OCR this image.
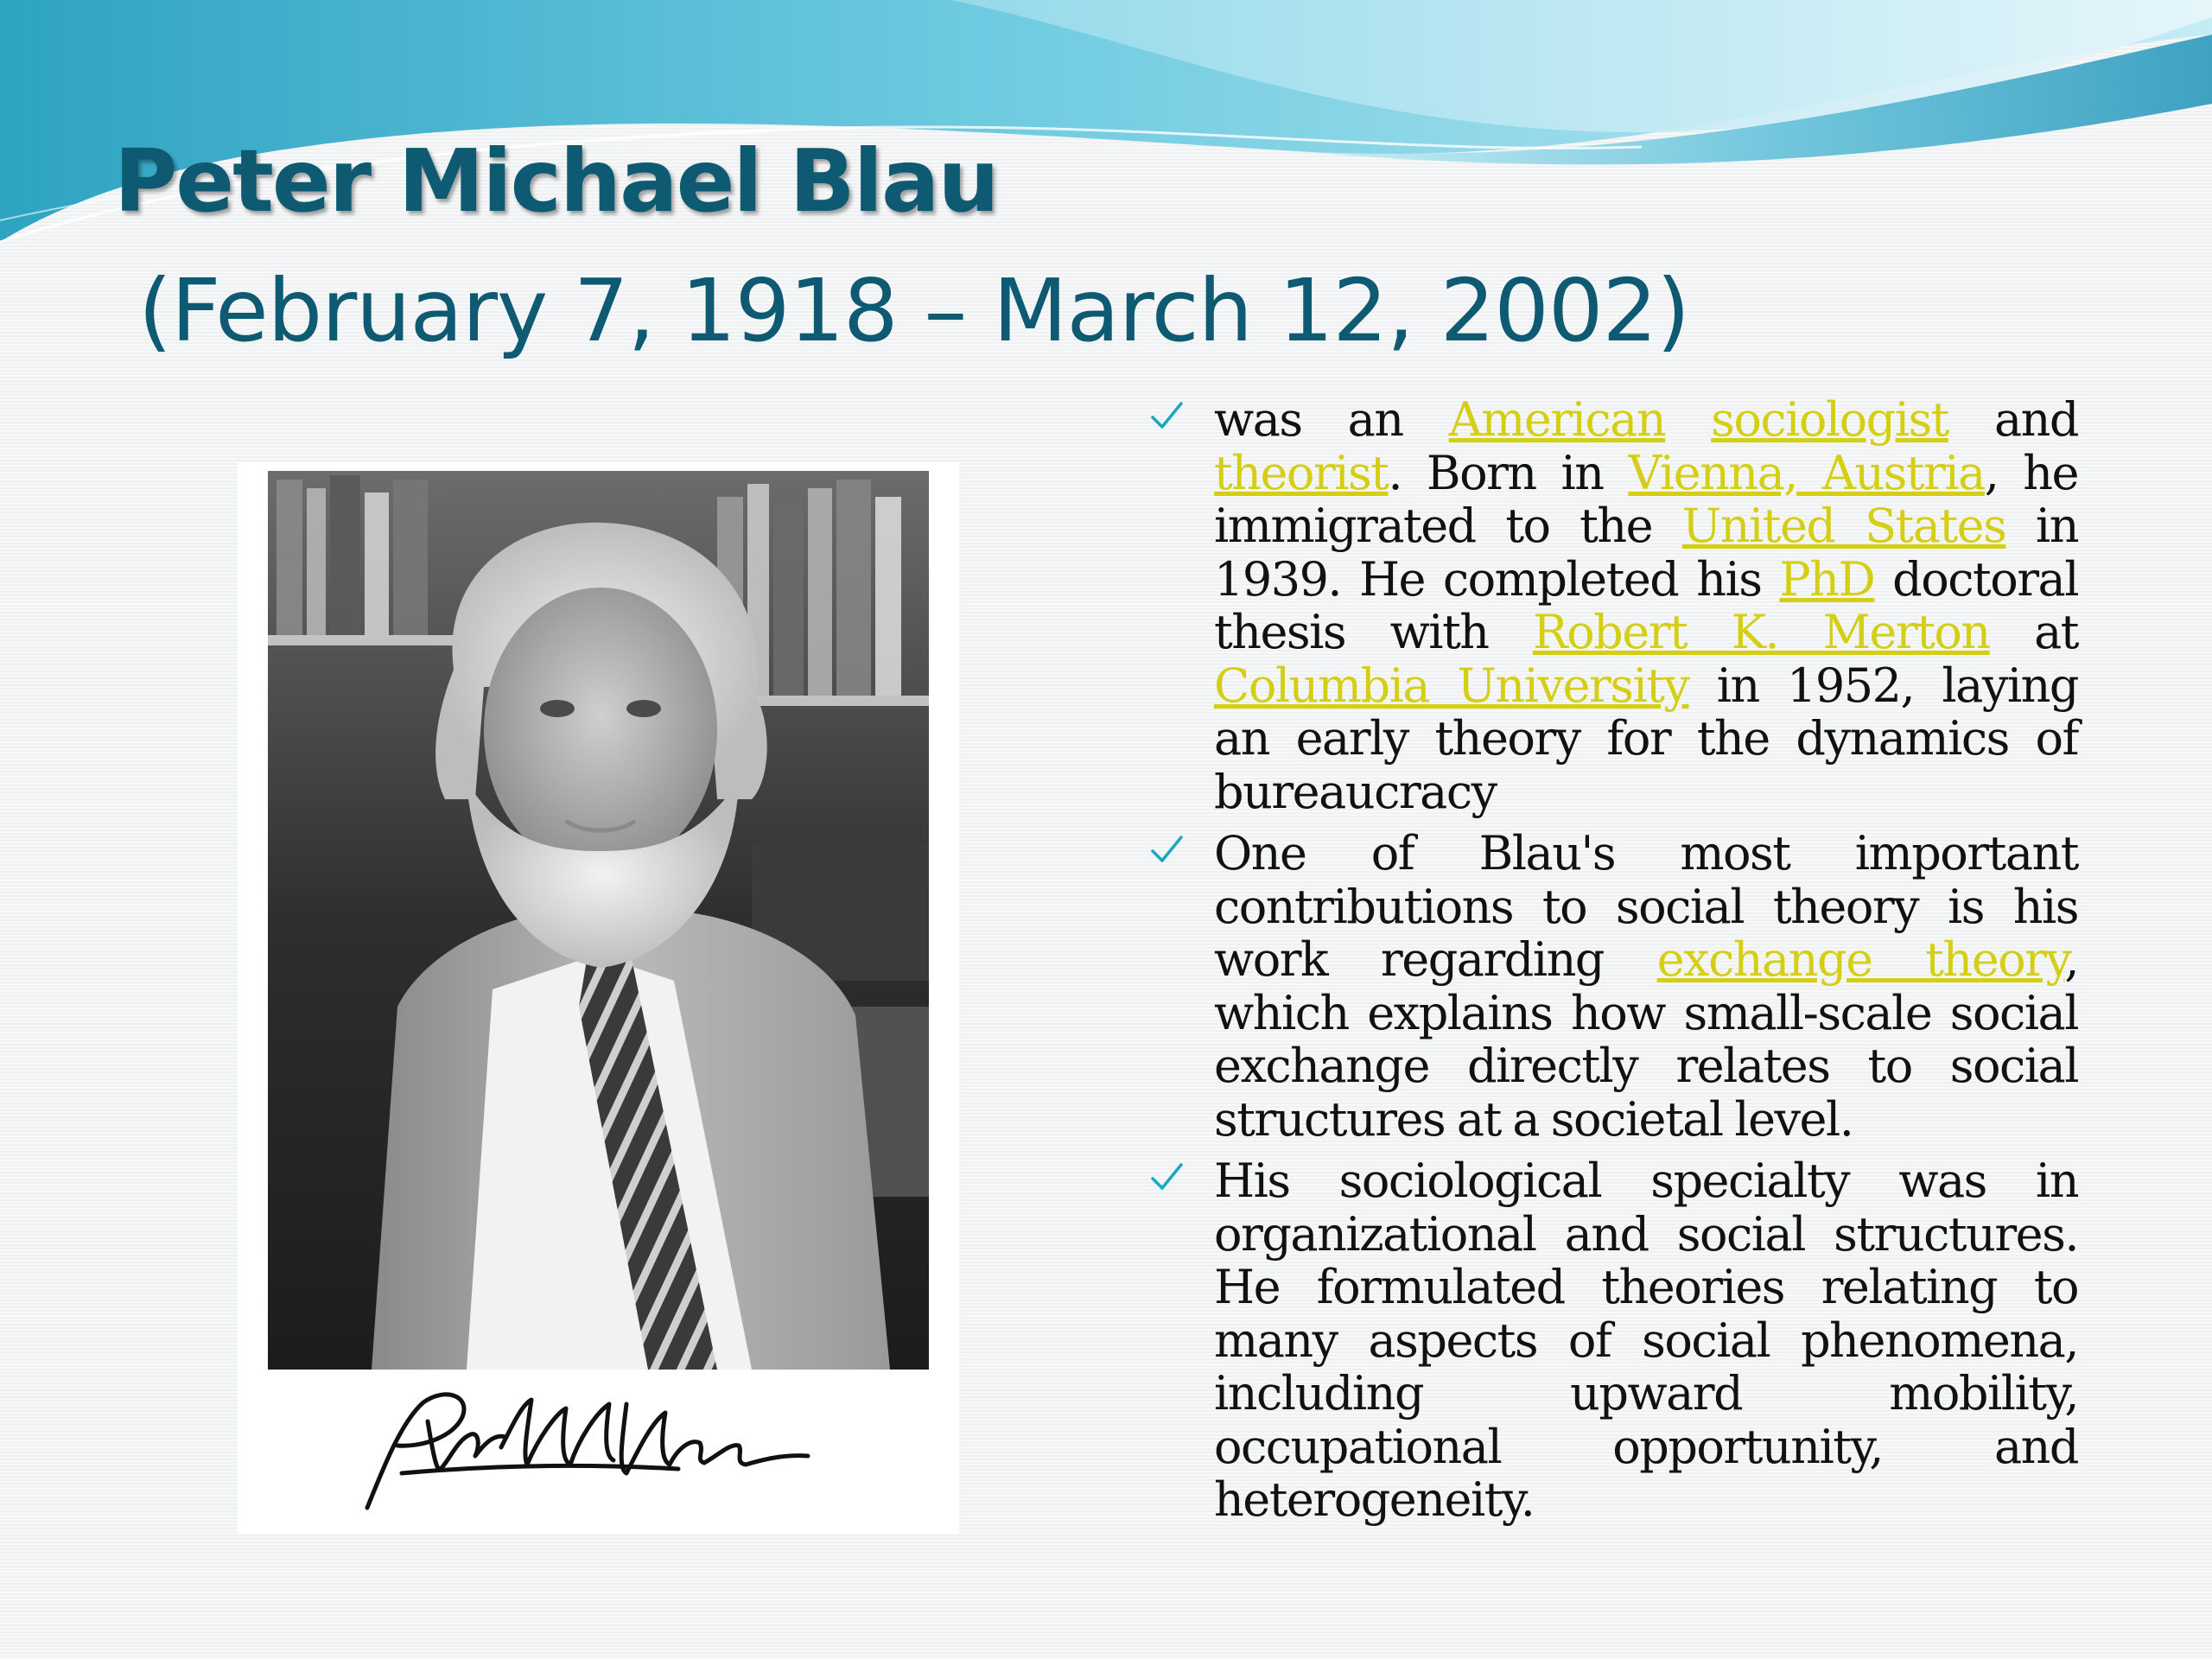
Peter Michael Blau
(February 7, 1918 – March 12, 2002)
was an American sociologist and theorist. Born in Vienna, Austria, he immigrated to the United States in 1939. He completed his PhD doctoral thesis with Robert K. Merton at Columbia University in 1952, laying an early theory for the dynamics of bureaucracy
One of Blau's most important contributions to social theory is his work regarding exchange theory, which explains how small-scale social exchange directly relates to social structures at a societal level.
His sociological specialty was in organizational and social structures. He formulated theories relating to many aspects of social phenomena, including upward mobility, occupational opportunity, and heterogeneity.
